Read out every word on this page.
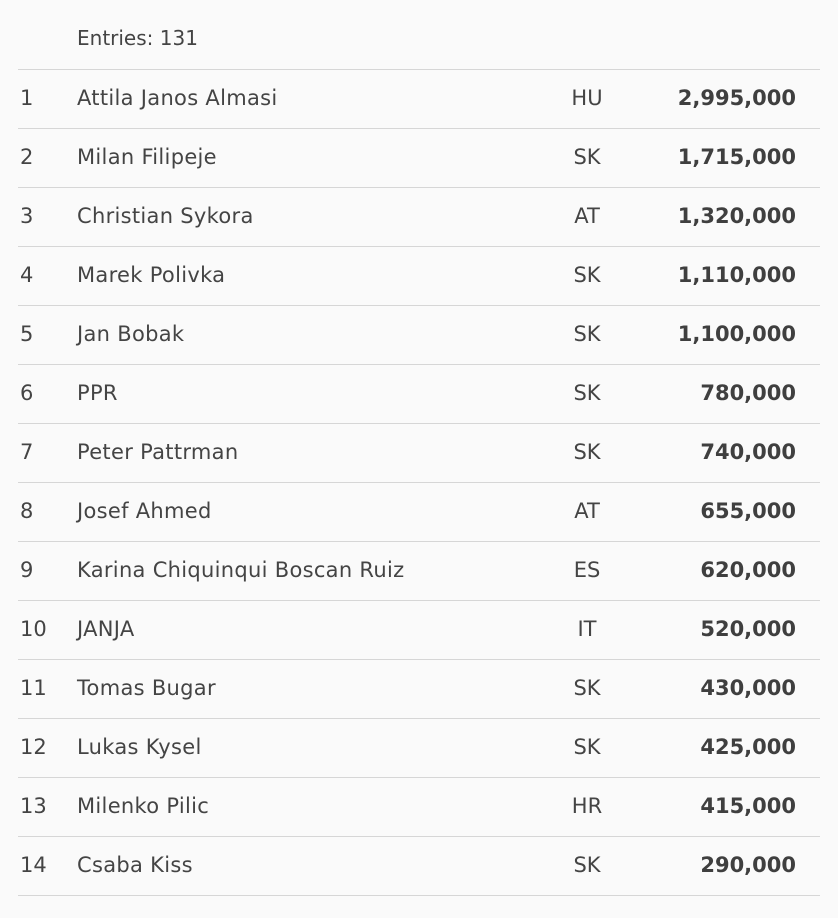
Entries: 131
1 Attila Janos Almasi	HU	2,995,000
2 Milan Filipeje	SK	1,715,000
3 Christian Sykora	AT	1,320,000
4 Marek Polivka	SK	1,110,000
5 Jan Bobak	SK	1,100,000
6 PPR	SK	780,000
7 Peter Pattrman	SK	740,000
8 Josef Ahmed	AT	655,000
9 Karina Chiquinqui Boscan Ruiz	ES	620,000
10 JANJA	IT	520,000
11 Tomas Bugar	SK	430,000
12 Lukas Kysel	SK	425,000
13 Milenko Pilic	HR	415,000
14 Csaba Kiss	SK	290,000
